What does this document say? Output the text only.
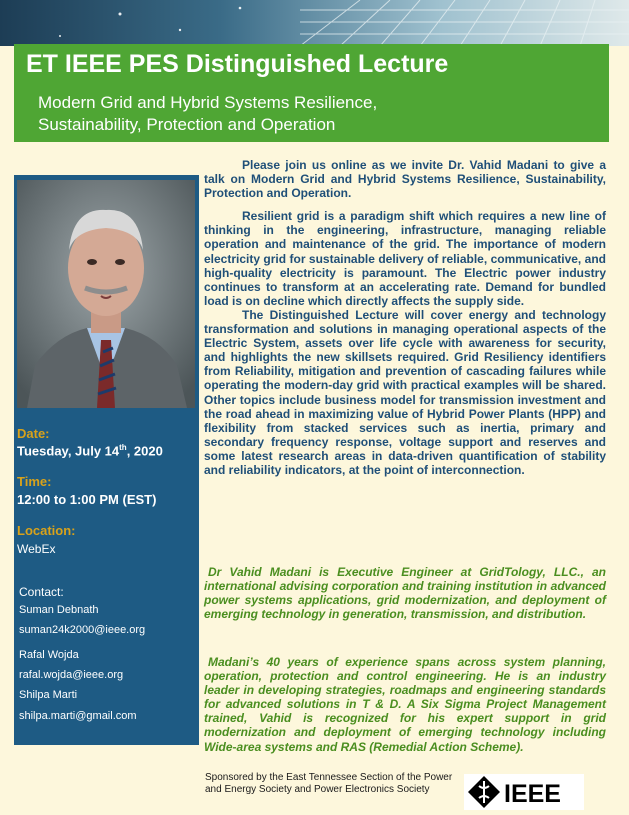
ET IEEE PES Distinguished Lecture
Modern Grid and Hybrid Systems Resilience,
Sustainability, Protection and Operation
Date:
Tuesday, July 14th, 2020
Time:
12:00 to 1:00 PM (EST)
Location:
WebEx
Contact:
Suman Debnath
suman24k2000@ieee.org
Rafal Wojda
rafal.wojda@ieee.org
Shilpa Marti
shilpa.marti@gmail.com

Please join us online as we invite Dr. Vahid Madani to give a talk on Modern Grid and Hybrid Systems Resilience, Sustainability, Protection and Operation.

Resilient grid is a paradigm shift which requires a new line of thinking in the engineering, infrastructure, managing reliable operation and maintenance of the grid. The importance of modern electricity grid for sustainable delivery of reliable, communicative, and high-quality electricity is paramount. The Electric power industry continues to transform at an accelerating rate. Demand for bundled load is on decline which directly affects the supply side.

The Distinguished Lecture will cover energy and technology transformation and solutions in managing operational aspects of the Electric System, assets over life cycle with awareness for security, and highlights the new skillsets required. Grid Resiliency identifiers from Reliability, mitigation and prevention of cascading failures while operating the modern-day grid with practical examples will be shared. Other topics include business model for transmission investment and the road ahead in maximizing value of Hybrid Power Plants (HPP) and flexibility from stacked services such as inertia, primary and secondary frequency response, voltage support and reserves and some latest research areas in data-driven quantification of stability and reliability indicators, at the point of interconnection.

Dr Vahid Madani is Executive Engineer at GridTology, LLC., an international advising corporation and training institution in advanced power systems applications, grid modernization, and deployment of emerging technology in generation, transmission, and distribution.

Madani’s 40 years of experience spans across system planning, operation, protection and control engineering. He is an industry leader in developing strategies, roadmaps and engineering standards for advanced solutions in T & D. A Six Sigma Project Management trained, Vahid is recognized for his expert support in grid modernization and deployment of emerging technology including Wide-area systems and RAS (Remedial Action Scheme).

Sponsored by the East Tennessee Section of the Power and Energy Society and Power Electronics Society	IEEE
